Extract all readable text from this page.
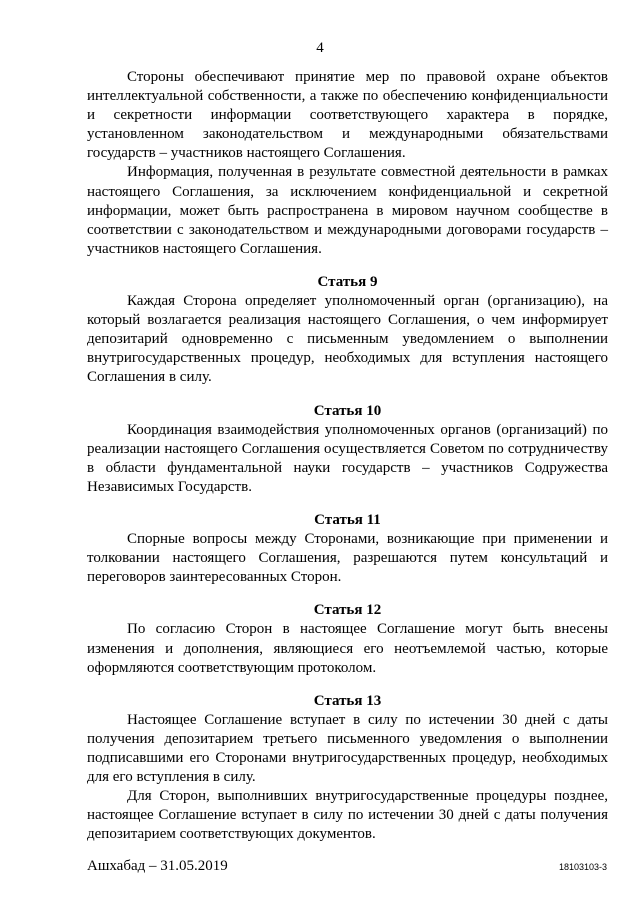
4

Стороны обеспечивают принятие мер по правовой охране объектов интеллектуальной собственности, а также по обеспечению конфиденциальности и секретности информации соответствующего характера в порядке, установленном законодательством и международными обязательствами государств – участников настоящего Соглашения.

Информация, полученная в результате совместной деятельности в рамках настоящего Соглашения, за исключением конфиденциальной и секретной информации, может быть распространена в мировом научном сообществе в соответствии с законодательством и международными договорами государств – участников настоящего Соглашения.

Статья 9

Каждая Сторона определяет уполномоченный орган (организацию), на который возлагается реализация настоящего Соглашения, о чем информирует депозитарий одновременно с письменным уведомлением о выполнении внутригосударственных процедур, необходимых для вступления настоящего Соглашения в силу.

Статья 10

Координация взаимодействия уполномоченных органов (организаций) по реализации настоящего Соглашения осуществляется Советом по сотрудничеству в области фундаментальной науки государств – участников Содружества Независимых Государств.

Статья 11

Спорные вопросы между Сторонами, возникающие при применении и толковании настоящего Соглашения, разрешаются путем консультаций и переговоров заинтересованных Сторон.

Статья 12

По согласию Сторон в настоящее Соглашение могут быть внесены изменения и дополнения, являющиеся его неотъемлемой частью, которые оформляются соответствующим протоколом.

Статья 13

Настоящее Соглашение вступает в силу по истечении 30 дней с даты получения депозитарием третьего письменного уведомления о выполнении подписавшими его Сторонами внутригосударственных процедур, необходимых для его вступления в силу.

Для Сторон, выполнивших внутригосударственные процедуры позднее, настоящее Соглашение вступает в силу по истечении 30 дней с даты получения депозитарием соответствующих документов.

Ашхабад – 31.05.2019	18103103-3
